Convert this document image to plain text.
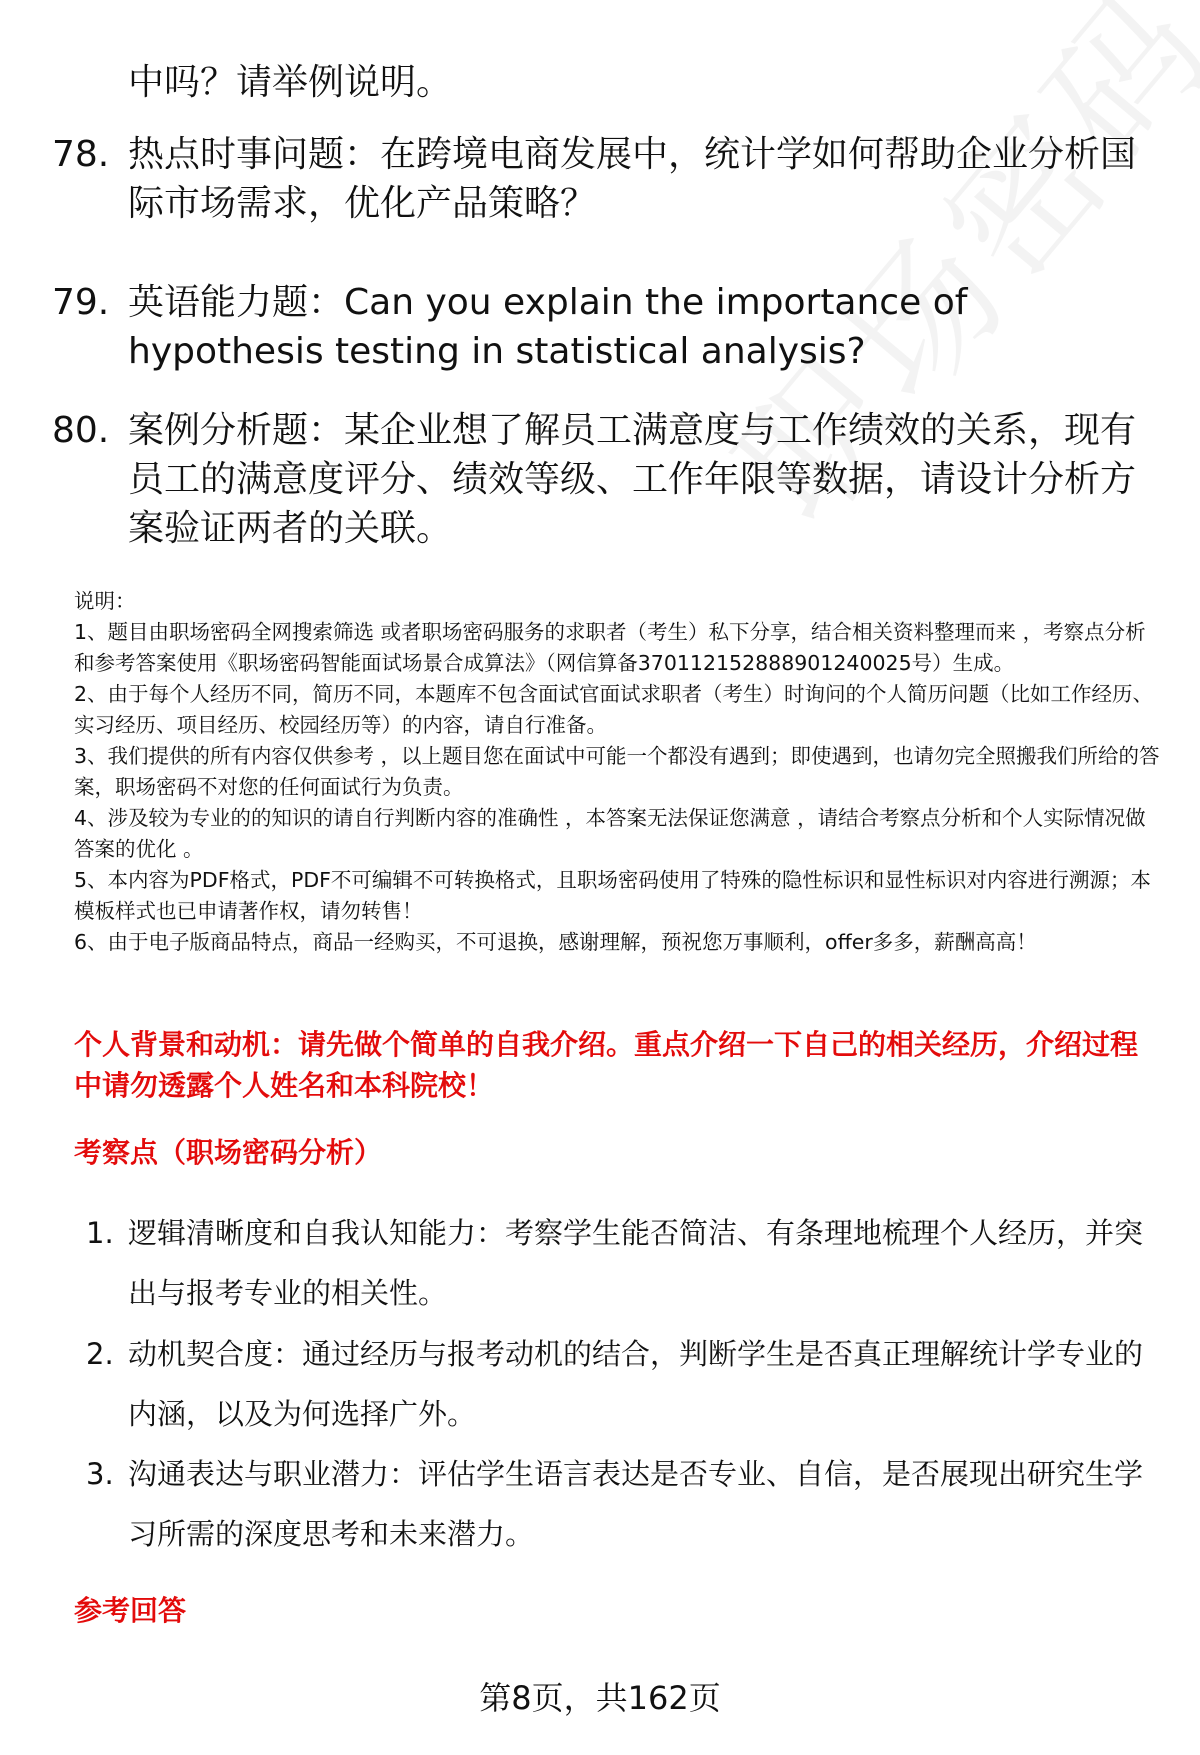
中吗？请举例说明。
78. 热点时事问题：在跨境电商发展中，统计学如何帮助企业分析国际市场需求，优化产品策略？
79. 英语能力题：Can you explain the importance of hypothesis testing in statistical analysis?
80. 案例分析题：某企业想了解员工满意度与工作绩效的关系，现有员工的满意度评分、绩效等级、工作年限等数据，请设计分析方案验证两者的关联。
说明：
1、题目由职场密码全网搜索筛选 或者职场密码服务的求职者（考生）私下分享，结合相关资料整理而来 ，考察点分析和参考答案使用《职场密码智能面试场景合成算法》（网信算备370112152888901240025号）生成。
2、由于每个人经历不同，简历不同，本题库不包含面试官面试求职者（考生）时询问的个人简历问题（比如工作经历、实习经历、项目经历、校园经历等）的内容，请自行准备。
3、我们提供的所有内容仅供参考 ，以上题目您在面试中可能一个都没有遇到；即使遇到，也请勿完全照搬我们所给的答案，职场密码不对您的任何面试行为负责。
4、涉及较为专业的的知识的请自行判断内容的准确性 ，本答案无法保证您满意 ，请结合考察点分析和个人实际情况做答案的优化 。
5、本内容为PDF格式，PDF不可编辑不可转换格式，且职场密码使用了特殊的隐性标识和显性标识对内容进行溯源；本模板样式也已申请著作权，请勿转售！
6、由于电子版商品特点，商品一经购买，不可退换，感谢理解，预祝您万事顺利，offer多多，薪酬高高！
个人背景和动机：请先做个简单的自我介绍。重点介绍一下自己的相关经历，介绍过程中请勿透露个人姓名和本科院校！
考察点（职场密码分析）
1. 逻辑清晰度和自我认知能力：考察学生能否简洁、有条理地梳理个人经历，并突出与报考专业的相关性。
2. 动机契合度：通过经历与报考动机的结合，判断学生是否真正理解统计学专业的内涵，以及为何选择广外。
3. 沟通表达与职业潜力：评估学生语言表达是否专业、自信，是否展现出研究生学习所需的深度思考和未来潜力。
参考回答
第8页，共162页
